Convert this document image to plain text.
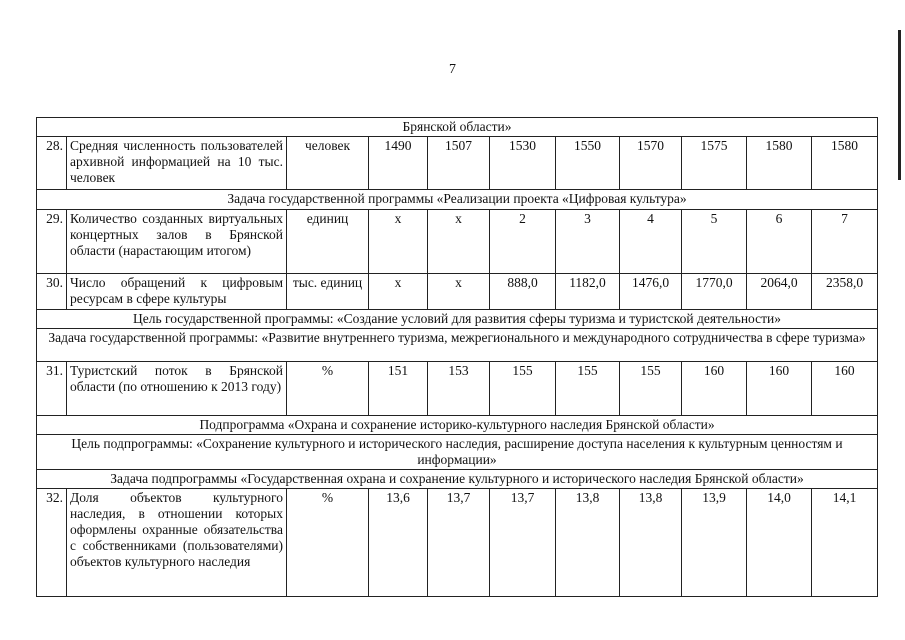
7
Брянской области»										
28.	Средняя численность пользователей архивной информацией на 10 тыс. человек	человек	1490	1507	1530	1550	1570	1575	1580	1580
Задача государственной программы «Реализации проекта «Цифровая культура»										
29.	Количество созданных виртуальных концертных залов в Брянской области (нарастающим итогом)	единиц	x	x	2	3	4	5	6	7
30.	Число обращений к цифровым ресурсам в сфере культуры	тыс. единиц	x	x	888,0	1182,0	1476,0	1770,0	2064,0	2358,0
Цель государственной программы: «Создание условий для развития сферы туризма и туристской деятельности»										
Задача государственной программы: «Развитие внутреннего туризма, межрегионального и международного сотрудничества в сфере туризма»										
31.	Туристский поток в Брянской области (по отношению к 2013 году)	%	151	153	155	155	155	160	160	160
Подпрограмма «Охрана и сохранение историко-культурного наследия Брянской области»										
Цель подпрограммы: «Сохранение культурного и исторического наследия, расширение доступа населения к культурным ценностям и информации»										
Задача подпрограммы «Государственная охрана и сохранение культурного и исторического наследия Брянской области»										
32.	Доля объектов культурного наследия, в отношении которых оформлены охранные обязательства с собственниками (пользователями) объектов культурного наследия	%	13,6	13,7	13,7	13,8	13,8	13,9	14,0	14,1
